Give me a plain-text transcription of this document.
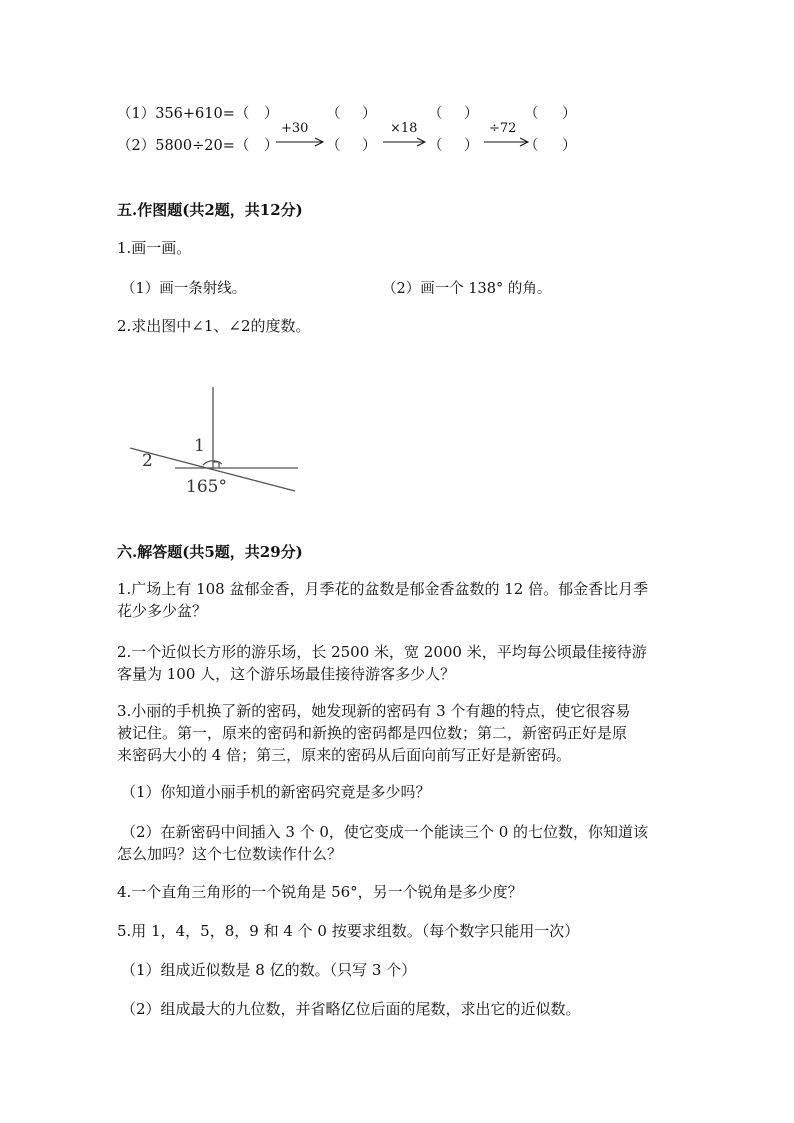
（1）356+610=（ ）	（ ）	（ ）	（ ）
（2）5800÷20=（ ）	（ ）	（ ）	（ ）
+30	×18	÷72
五.作图题(共2题，共12分)
1.画一画。
（1）画一条射线。	（2）画一个 138° 的角。
2.求出图中∠1、∠2的度数。
1
2
165°
六.解答题(共5题，共29分)
1.广场上有 108 盆郁金香，月季花的盆数是郁金香盆数的 12 倍。郁金香比月季
花少多少盆？
2.一个近似长方形的游乐场，长 2500 米，宽 2000 米，平均每公顷最佳接待游
客量为 100 人，这个游乐场最佳接待游客多少人？
3.小丽的手机换了新的密码，她发现新的密码有 3 个有趣的特点，使它很容易
被记住。第一，原来的密码和新换的密码都是四位数；第二，新密码正好是原
来密码大小的 4 倍；第三，原来的密码从后面向前写正好是新密码。
（1）你知道小丽手机的新密码究竟是多少吗？
（2）在新密码中间插入 3 个 0，使它变成一个能读三个 0 的七位数，你知道该
怎么加吗？这个七位数读作什么？
4.一个直角三角形的一个锐角是 56°，另一个锐角是多少度？
5.用 1，4，5，8，9 和 4 个 0 按要求组数。（每个数字只能用一次）
（1）组成近似数是 8 亿的数。（只写 3 个）
（2）组成最大的九位数，并省略亿位后面的尾数，求出它的近似数。
